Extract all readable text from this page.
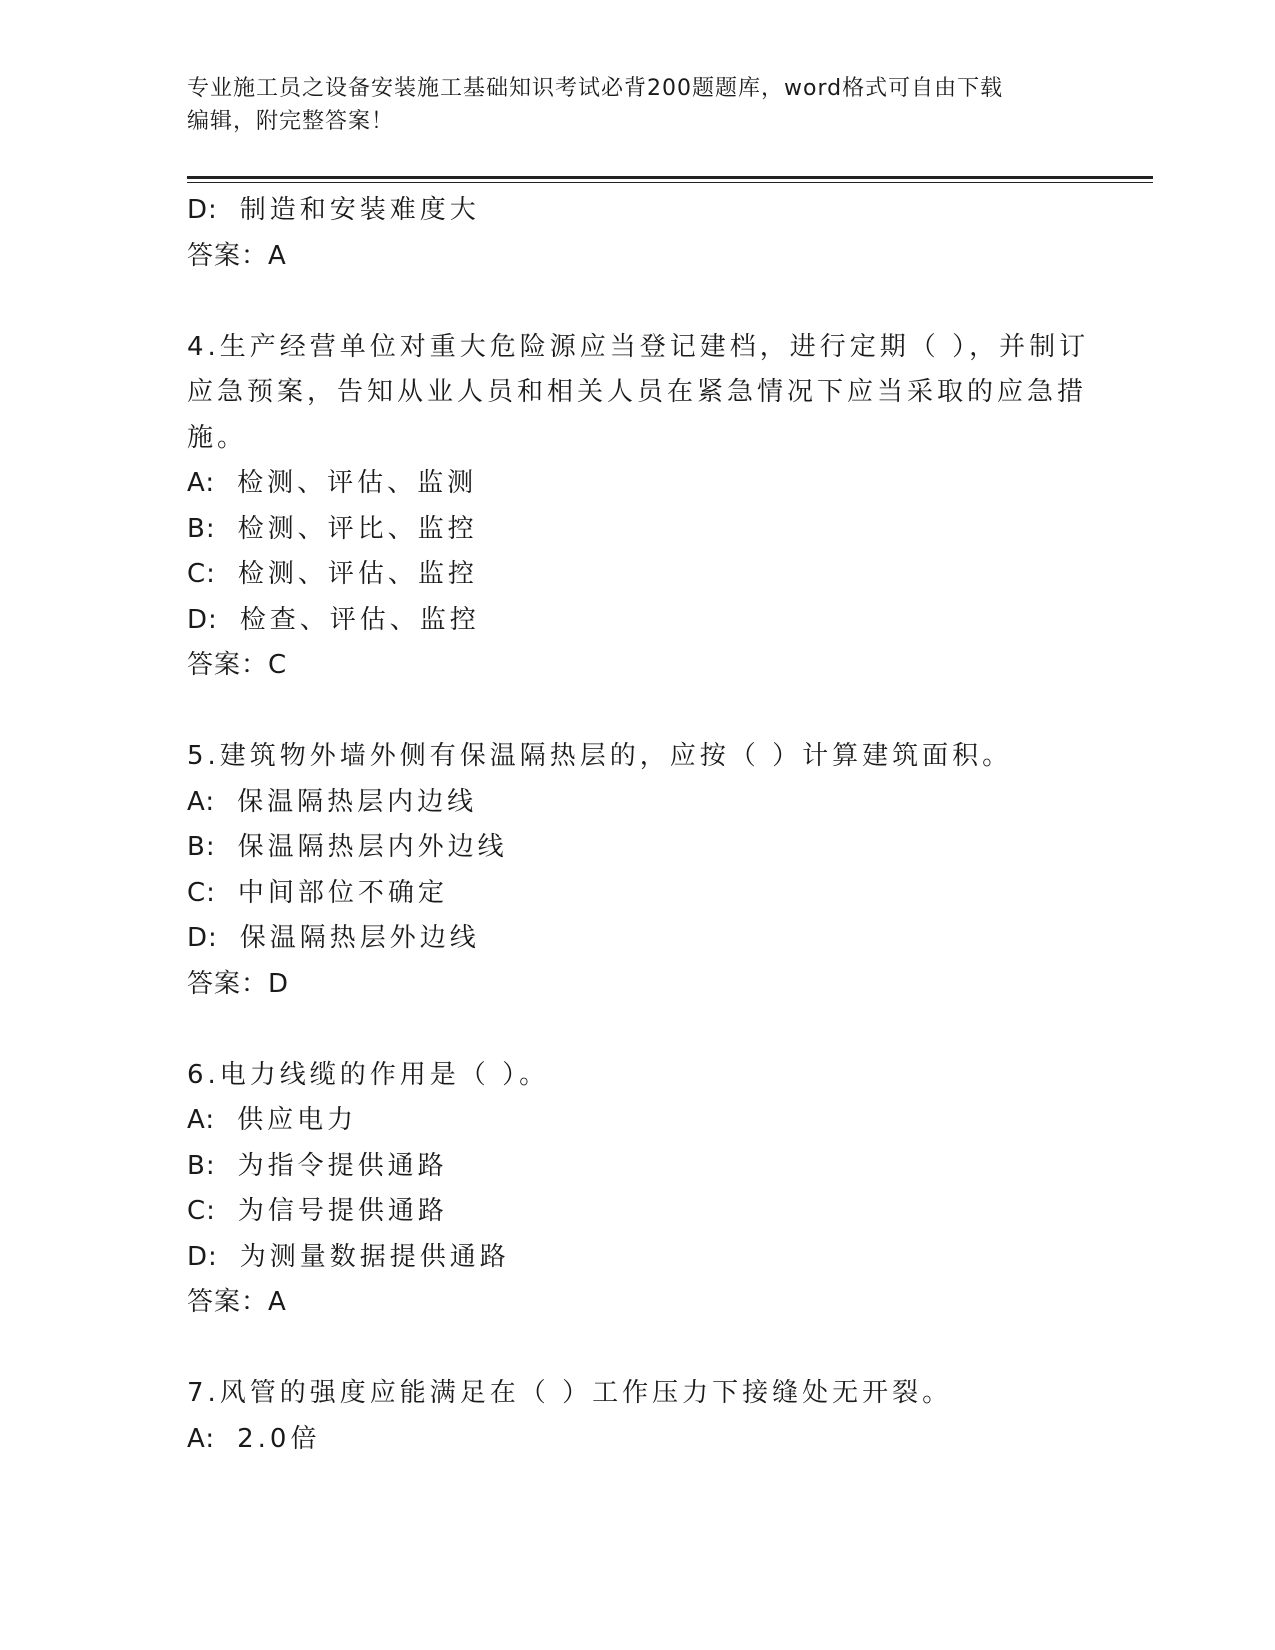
专业施工员之设备安装施工基础知识考试必背200题题库，word格式可自由下载
编辑，附完整答案！
D: 制造和安装难度大
答案：A
4.生产经营单位对重大危险源应当登记建档，进行定期（ ），并制订
应急预案，告知从业人员和相关人员在紧急情况下应当采取的应急措
施。
A: 检测、评估、监测
B: 检测、评比、监控
C: 检测、评估、监控
D: 检查、评估、监控
答案：C
5.建筑物外墙外侧有保温隔热层的，应按（ ）计算建筑面积。
A: 保温隔热层内边线
B: 保温隔热层内外边线
C: 中间部位不确定
D: 保温隔热层外边线
答案：D
6.电力线缆的作用是（ ）。
A: 供应电力
B: 为指令提供通路
C: 为信号提供通路
D: 为测量数据提供通路
答案：A
7.风管的强度应能满足在（ ）工作压力下接缝处无开裂。
A: 2.0倍
